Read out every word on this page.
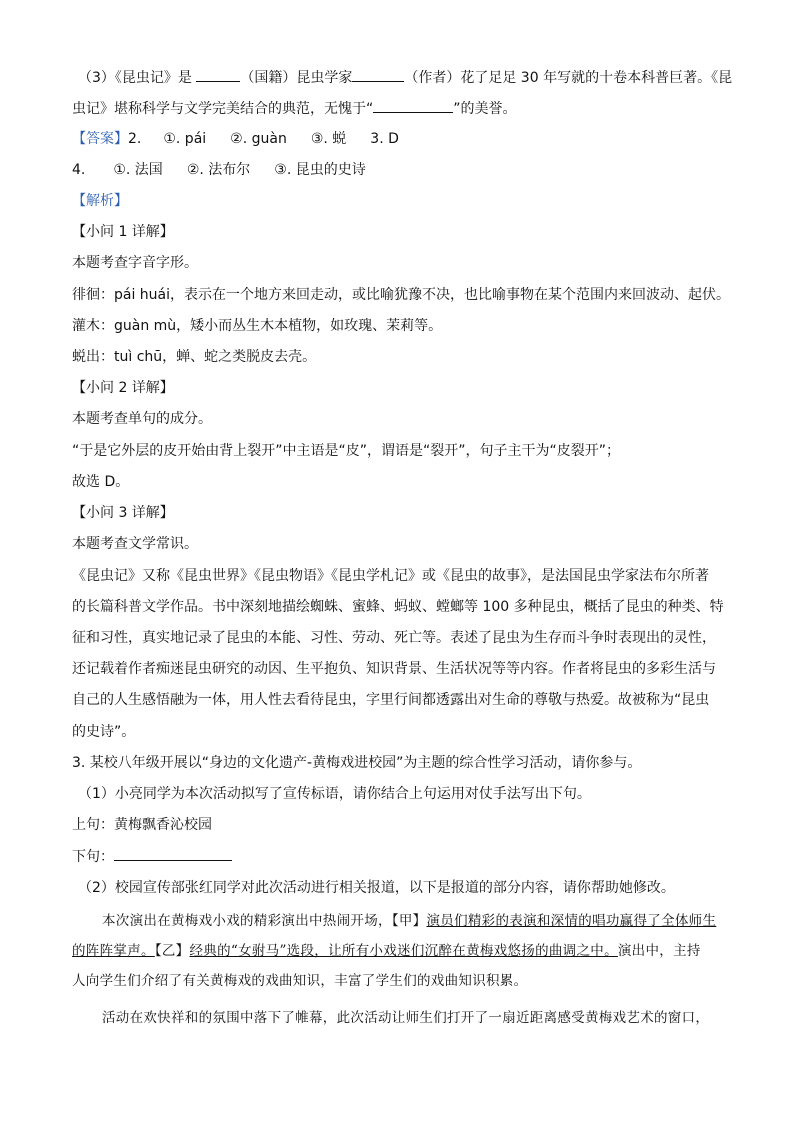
（3）《昆虫记》是	（国籍）昆虫学家	（作者）花了足足 30 年写就的十卷本科普巨著。《昆
虫记》堪称科学与文学完美结合的典范，无愧于“	”的美誉。
【答案】2. ①. pái ②. guàn ③. 蜕 3. D
4. ①. 法国 ②. 法布尔 ③. 昆虫的史诗
【解析】
【小问 1 详解】
本题考查字音字形。
徘徊：pái huái，表示在一个地方来回走动，或比喻犹豫不决，也比喻事物在某个范围内来回波动、起伏。
灌木：guàn mù，矮小而丛生木本植物，如玫瑰、茉莉等。
蜕出：tuì chū，蝉、蛇之类脱皮去壳。
【小问 2 详解】
本题考查单句的成分。
“于是它外层的皮开始由背上裂开”中主语是“皮”，谓语是“裂开”，句子主干为“皮裂开”；
故选 D。
【小问 3 详解】
本题考查文学常识。
《昆虫记》又称《昆虫世界》《昆虫物语》《昆虫学札记》或《昆虫的故事》，是法国昆虫学家法布尔所著
的长篇科普文学作品。书中深刻地描绘蜘蛛、蜜蜂、蚂蚁、螳螂等 100 多种昆虫，概括了昆虫的种类、特
征和习性，真实地记录了昆虫的本能、习性、劳动、死亡等。表述了昆虫为生存而斗争时表现出的灵性，
还记载着作者痴迷昆虫研究的动因、生平抱负、知识背景、生活状况等等内容。作者将昆虫的多彩生活与
自己的人生感悟融为一体，用人性去看待昆虫，字里行间都透露出对生命的尊敬与热爱。故被称为“昆虫
的史诗”。
3. 某校八年级开展以“身边的文化遗产-黄梅戏进校园”为主题的综合性学习活动，请你参与。
（1）小亮同学为本次活动拟写了宣传标语，请你结合上句运用对仗手法写出下句。
上句：黄梅飘香沁校园
下句：
（2）校园宣传部张红同学对此次活动进行相关报道，以下是报道的部分内容，请你帮助她修改。
本次演出在黄梅戏小戏的精彩演出中热闹开场，【甲】演员们精彩的表演和深情的唱功赢得了全体师生
的阵阵掌声。【乙】经典的“女驸马”选段，让所有小戏迷们沉醉在黄梅戏悠扬的曲调之中。演出中，主持
人向学生们介绍了有关黄梅戏的戏曲知识，丰富了学生们的戏曲知识积累。
活动在欢快祥和的氛围中落下了帷幕，此次活动让师生们打开了一扇近距离感受黄梅戏艺术的窗口，
